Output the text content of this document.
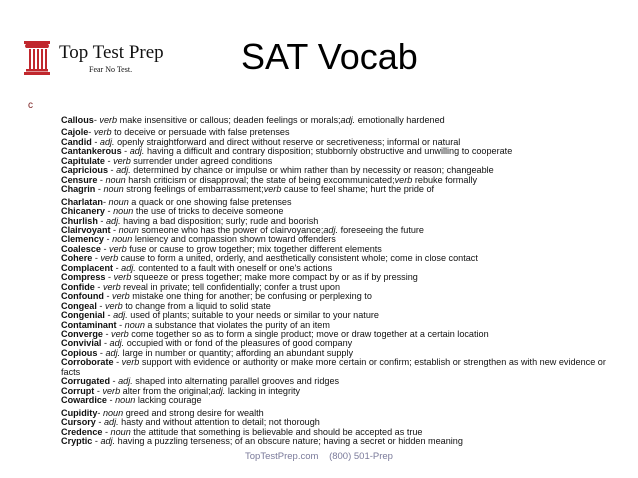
Top Test Prep
Fear No Test.	SAT Vocab
c
Callous- verb make insensitive or callous; deaden feelings or morals;adj. emotionally hardened
Cajole- verb to deceive or persuade with false pretenses
Candid - adj. openly straightforward and direct without reserve or secretiveness; informal or natural
Cantankerous - adj. having a difficult and contrary disposition; stubbornly obstructive and unwilling to cooperate
Capitulate - verb surrender under agreed conditions
Capricious - adj. determined by chance or impulse or whim rather than by necessity or reason; changeable
Censure - noun harsh criticism or disapproval; the state of being excommunicated;verb rebuke formally
Chagrin - noun strong feelings of embarrassment;verb cause to feel shame; hurt the pride of
Charlatan- noun a quack or one showing false pretenses
Chicanery - noun the use of tricks to deceive someone
Churlish - adj. having a bad disposition; surly; rude and boorish
Clairvoyant - noun someone who has the power of clairvoyance;adj. foreseeing the future
Clemency - noun leniency and compassion shown toward offenders
Coalesce - verb fuse or cause to grow together; mix together different elements
Cohere - verb cause to form a united, orderly, and aesthetically consistent whole; come in close contact
Complacent - adj. contented to a fault with oneself or one's actions
Compress - verb squeeze or press together; make more compact by or as if by pressing
Confide - verb reveal in private; tell confidentially; confer a trust upon
Confound - verb mistake one thing for another; be confusing or perplexing to
Congeal - verb to change from a liquid to solid state
Congenial - adj. used of plants; suitable to your needs or similar to your nature
Contaminant - noun a substance that violates the purity of an item
Converge - verb come together so as to form a single product; move or draw together at a certain location
Convivial - adj. occupied with or fond of the pleasures of good company
Copious - adj. large in number or quantity; affording an abundant supply
Corroborate - verb support with evidence or authority or make more certain or confirm; establish or strengthen as with new evidence or facts
Corrugated - adj. shaped into alternating parallel grooves and ridges
Corrupt - verb alter from the original;adj. lacking in integrity
Cowardice - noun lacking courage
Cupidity- noun greed and strong desire for wealth
Cursory - adj. hasty and without attention to detail; not thorough
Credence - noun the attitude that something is believable and should be accepted as true
Cryptic - adj. having a puzzling terseness; of an obscure nature; having a secret or hidden meaning
TopTestPrep.com (800) 501-Prep
